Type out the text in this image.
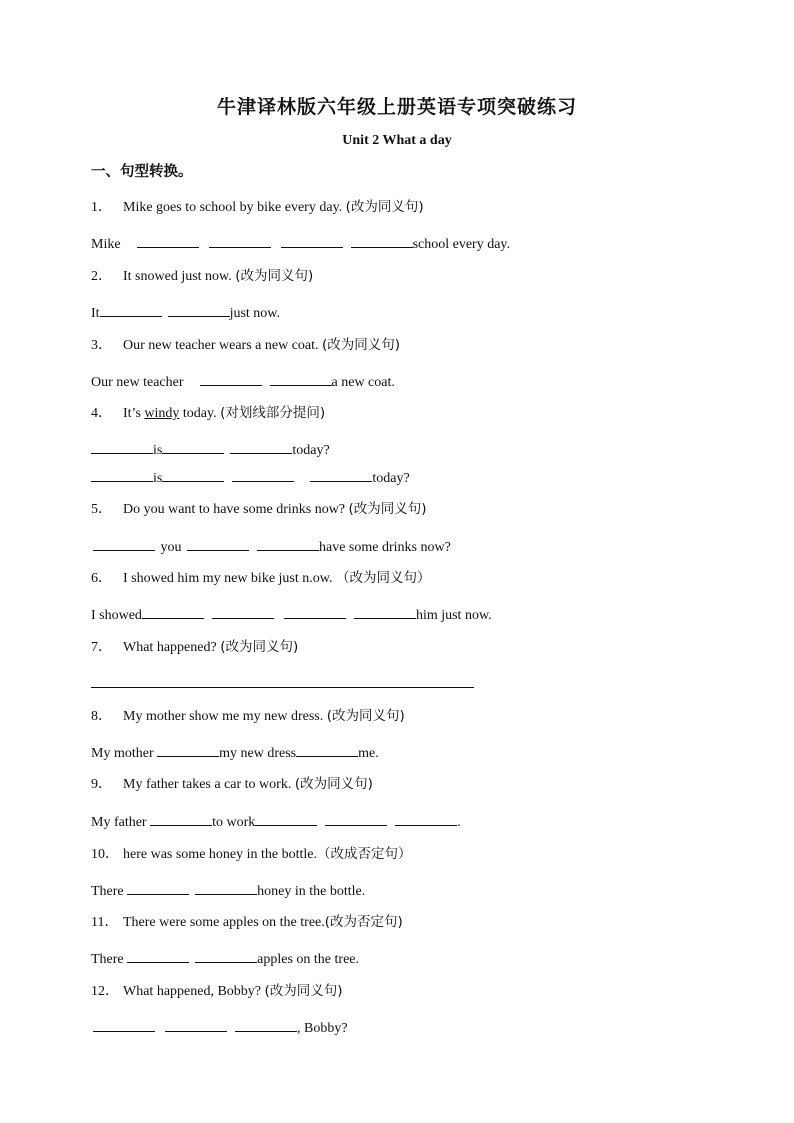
牛津译林版六年级上册英语专项突破练习
Unit 2 What a day
一、句型转换。
1． Mike goes to school by bike every day. (改为同义句)
Mike	school every day.
2． It snowed just now. (改为同义句)
It	just now.
3． Our new teacher wears a new coat. (改为同义句)
Our new teacher	a new coat.
4． It’s windy today. (对划线部分提问)
is	today?
is	today?
5． Do you want to have some drinks now? (改为同义句)
you	have some drinks now?
6． I showed him my new bike just n.ow. （改为同义句）
I showed	him just now.
7． What happened? (改为同义句)
8． My mother show me my new dress. (改为同义句)
My mother	my new dress	me.
9． My father takes a car to work. (改为同义句)
My father	to work	.
10． here was some honey in the bottle.（改成否定句）
There	honey in the bottle.
11． There were some apples on the tree.(改为否定句)
There	apples on the tree.
12． What happened, Bobby? (改为同义句)
, Bobby?
